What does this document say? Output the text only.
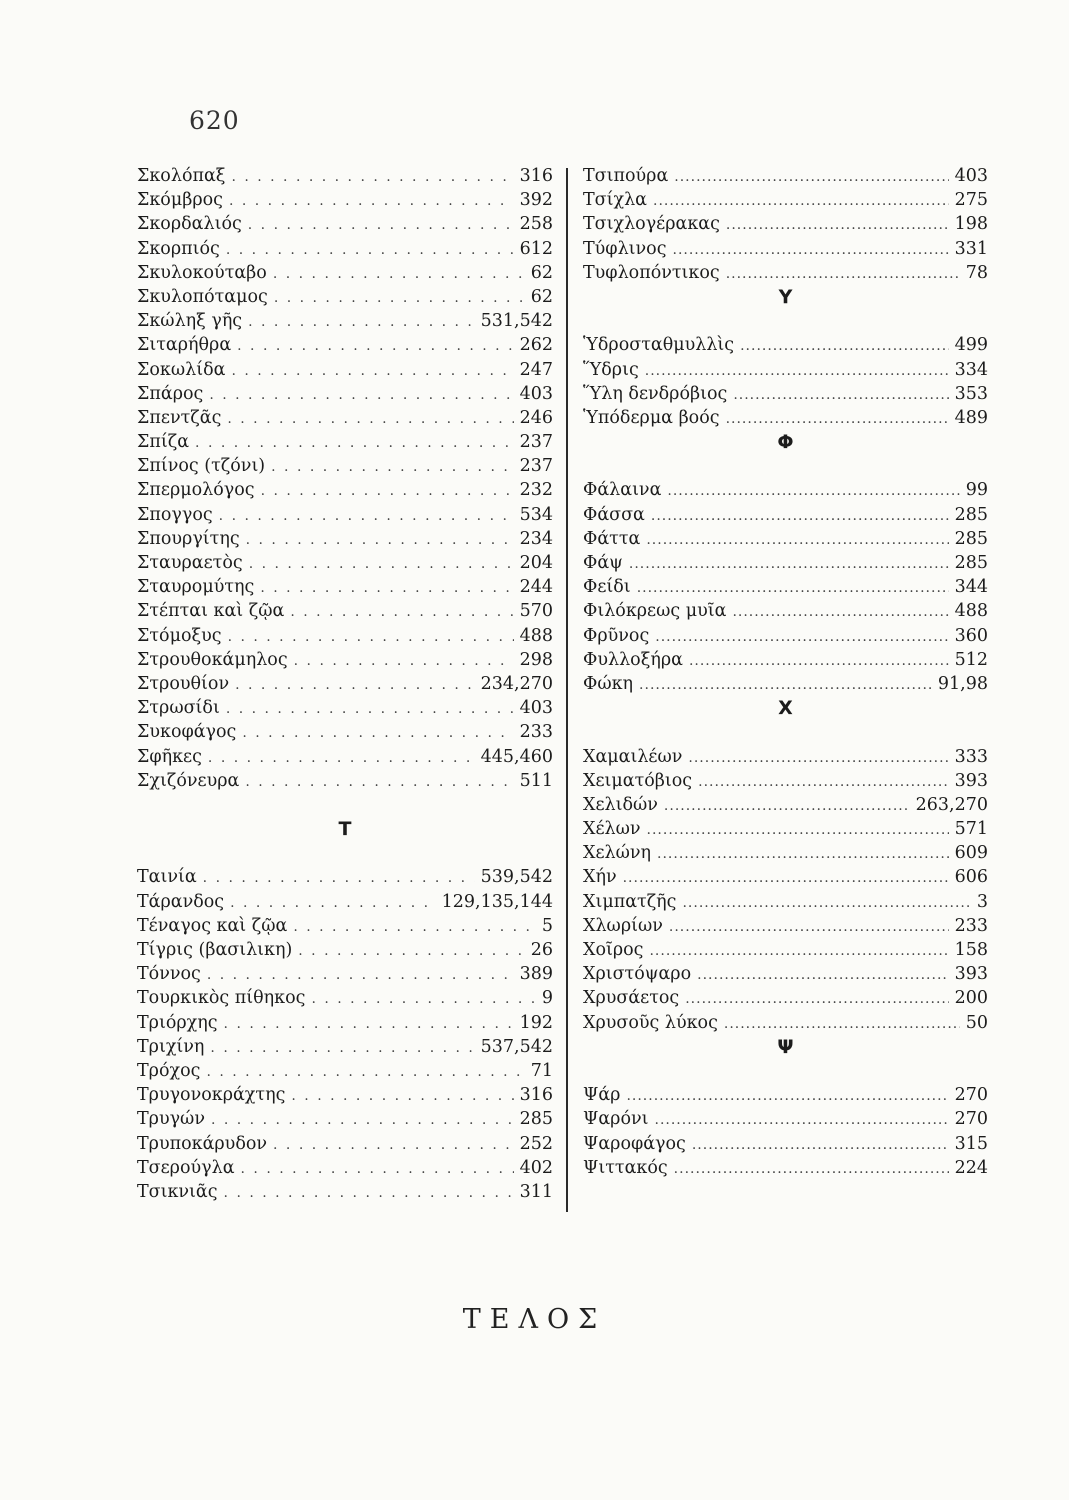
620
Σκολόπαξ . . .	316
Σκόμβρος . . .	392
Σκορδαλιός . . .	258
Σκορπιός . . .	612
Σκυλοκούταβο . . .	62
Σκυλοπόταμος . . .	62
Σκώληξ γῆς . . .	531,542
Σιταρήθρα . . .	262
Σοκωλίδα . . .	247
Σπάρος . . .	403
Σπεντζᾶς . . .	246
Σπίζα . . .	237
Σπίνος (τζόνι) . . .	237
Σπερμολόγος . . .	232
Σπογγος . . .	534
Σπουργίτης . . .	234
Σταυραετὸς . . .	204
Σταυρομύτης . . .	244
Στέπται καὶ ζῷα . . .	570
Στόμοξυς . . .	488
Στρουθοκάμηλος . . .	298
Στρουθίον . . .	234,270
Στρωσίδι . . .	403
Συκοφάγος . . .	233
Σφῆκες . . .	445,460
Σχιζόνευρα . . .	511
Τ
Ταινία . . .	539,542
Τάρανδος . . .	129,135,144
Τέναγος καὶ ζῷα . . .	5
Τίγρις (βασιλικη) . . .	26
Τόννος . . .	389
Τουρκικὸς πίθηκος . . .	9
Τριόρχης . . .	192
Τριχίνη . . .	537,542
Τρόχος . . .	71
Τρυγονοκράχτης . . .	316
Τρυγών . . .	285
Τρυποκάρυδον . . .	252
Τσερούγλα . . .	402
Τσικνιᾶς . . .	311
Τσιπούρα .....	403
Τσίχλα .....	275
Τσιχλογέρακας .....	198
Τύφλινος .....	331
Τυφλοπόντικος .....	78
Υ
Ὑδροσταθμυλλὶς .....	499
Ὕδρις .....	334
Ὕλη δενδρόβιος .....	353
Ὑπόδερμα βοός .....	489
Φ
Φάλαινα .....	99
Φάσσα .....	285
Φάττα .....	285
Φάψ .....	285
Φείδι .....	344
Φιλόκρεως μυῖα .....	488
Φρῦνος .....	360
Φυλλοξήρα .....	512
Φώκη .....	91,98
Χ
Χαμαιλέων .....	333
Χειματόβιος .....	393
Χελιδών .....	263,270
Χέλων .....	571
Χελώνη .....	609
Χήν .....	606
Χιμπατζῆς .....	3
Χλωρίων .....	233
Χοῖρος .....	158
Χριστόψαρο .....	393
Χρυσάετος .....	200
Χρυσοῦς λύκος .....	50
Ψ
Ψάρ .....	270
Ψαρόνι .....	270
Ψαροφάγος .....	315
Ψιττακός .....	224
ΤΕΛΟΣ
